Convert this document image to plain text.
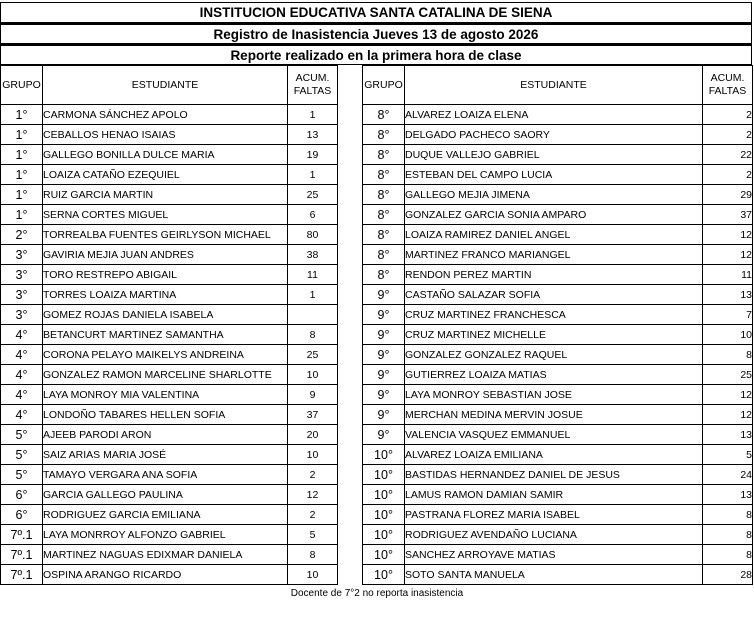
INSTITUCION EDUCATIVA SANTA CATALINA DE SIENA
Registro de Inasistencia Jueves 13 de agosto 2026
Reporte realizado en la primera hora de clase
GRUPO	ESTUDIANTE	ACUM.
FALTAS
1°	CARMONA SÁNCHEZ APOLO	1
1°	CEBALLOS HENAO ISAIAS	13
1°	GALLEGO BONILLA DULCE MARIA	19
1°	LOAIZA CATAÑO EZEQUIEL	1
1°	RUIZ GARCIA MARTIN	25
1°	SERNA CORTES MIGUEL	6
2°	TORREALBA FUENTES GEIRLYSON MICHAEL	80
3°	GAVIRIA MEJIA JUAN ANDRES	38
3°	TORO RESTREPO ABIGAIL	11
3°	TORRES LOAIZA MARTINA	1
3°	GOMEZ ROJAS DANIELA ISABELA	
4°	BETANCURT MARTINEZ SAMANTHA	8
4°	CORONA PELAYO MAIKELYS ANDREINA	25
4°	GONZALEZ RAMON MARCELINE SHARLOTTE	10
4°	LAYA MONROY MIA VALENTINA	9
4°	LONDOÑO TABARES HELLEN SOFIA	37
5°	AJEEB PARODI ARON	20
5°	SAIZ ARIAS MARIA JOSÉ	10
5°	TAMAYO VERGARA ANA SOFIA	2
6°	GARCIA GALLEGO PAULINA	12
6°	RODRIGUEZ GARCIA EMILIANA	2
7º.1	LAYA MONRROY ALFONZO GABRIEL	5
7º.1	MARTINEZ NAGUAS EDIXMAR DANIELA	8
7º.1	OSPINA ARANGO RICARDO	10
GRUPO	ESTUDIANTE	ACUM.
FALTAS
8°	ALVAREZ LOAIZA ELENA	2
8°	DELGADO PACHECO SAORY	2
8°	DUQUE VALLEJO GABRIEL	22
8°	ESTEBAN DEL CAMPO LUCIA	2
8°	GALLEGO MEJIA JIMENA	29
8°	GONZALEZ GARCIA SONIA AMPARO	37
8°	LOAIZA RAMIREZ DANIEL ANGEL	12
8°	MARTINEZ FRANCO MARIANGEL	12
8°	RENDON PEREZ MARTIN	11
9°	CASTAÑO SALAZAR SOFIA	13
9°	CRUZ MARTINEZ FRANCHESCA	7
9°	CRUZ MARTINEZ MICHELLE	10
9°	GONZALEZ GONZALEZ RAQUEL	8
9°	GUTIERREZ LOAIZA MATIAS	25
9°	LAYA MONROY SEBASTIAN JOSE	12
9°	MERCHAN MEDINA MERVIN JOSUE	12
9°	VALENCIA VASQUEZ EMMANUEL	13
10°	ALVAREZ LOAIZA EMILIANA	5
10°	BASTIDAS HERNANDEZ DANIEL DE JESUS	24
10°	LAMUS RAMON DAMIAN SAMIR	13
10°	PASTRANA FLOREZ MARIA ISABEL	8
10°	RODRIGUEZ AVENDAÑO LUCIANA	8
10°	SANCHEZ ARROYAVE MATIAS	8
10°	SOTO SANTA MANUELA	28
Docente de 7°2 no reporta inasistencia
